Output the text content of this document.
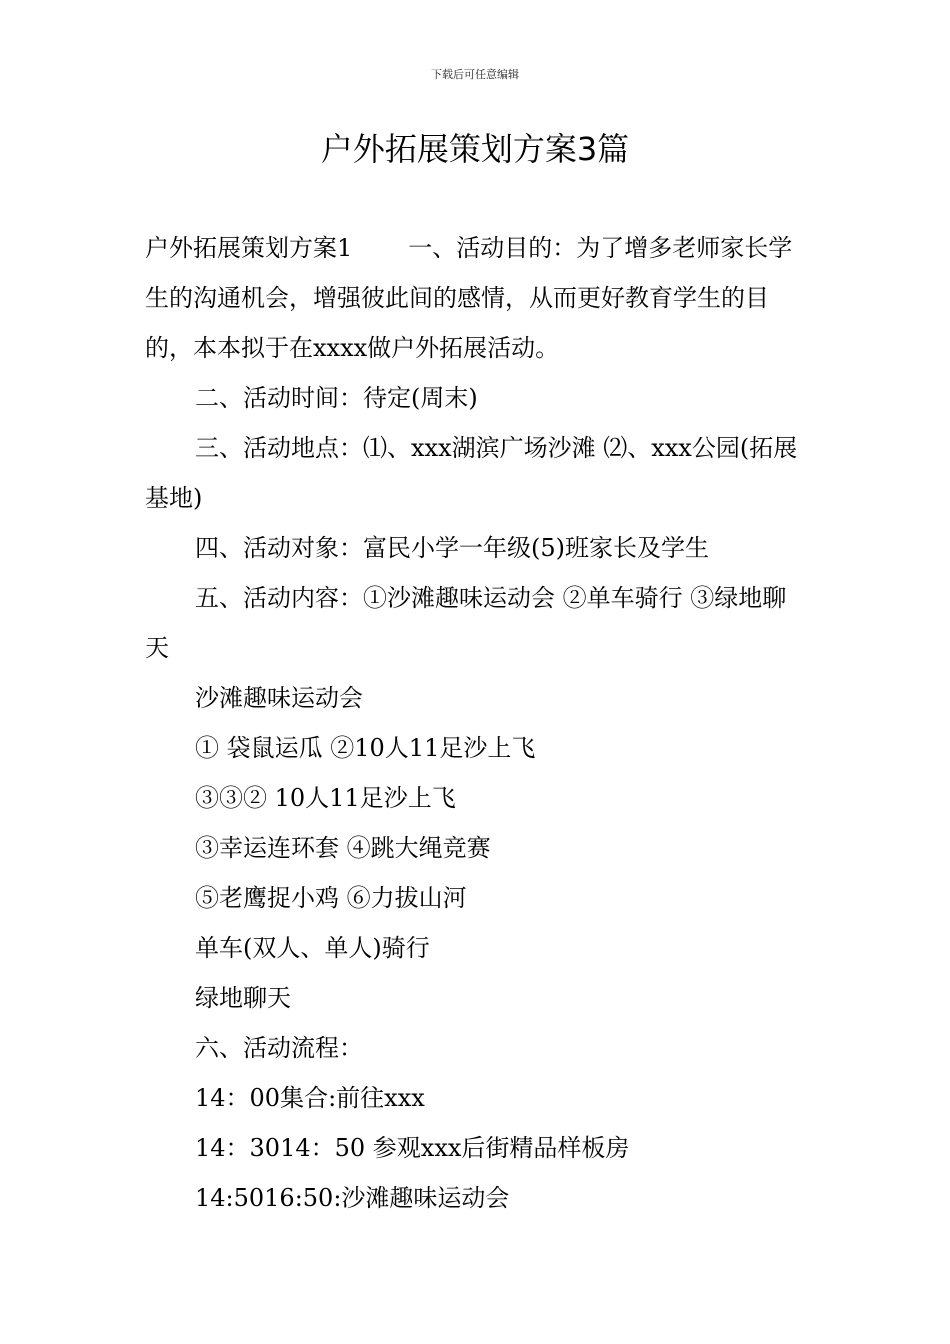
下载后可任意编辑
户外拓展策划方案3篇

户外拓展策划方案1 一、活动目的：为了增多老师家长学生的沟通机会，增强彼此间的感情，从而更好教育学生的目的，本本拟于在xxxx做户外拓展活动。

二、活动时间：待定(周末)

三、活动地点：⑴、xxx湖滨广场沙滩 ⑵、xxx公园(拓展基地)

四、活动对象：富民小学一年级(5)班家长及学生

五、活动内容：①沙滩趣味运动会 ②单车骑行 ③绿地聊天

沙滩趣味运动会

① 袋鼠运瓜 ②10人11足沙上飞

③③② 10人11足沙上飞

③幸运连环套 ④跳大绳竞赛

⑤老鹰捉小鸡 ⑥力拔山河

单车(双人、单人)骑行

绿地聊天

六、活动流程：

14：00集合:前往xxx

14：3014：50 参观xxx后街精品样板房

14:5016:50:沙滩趣味运动会
